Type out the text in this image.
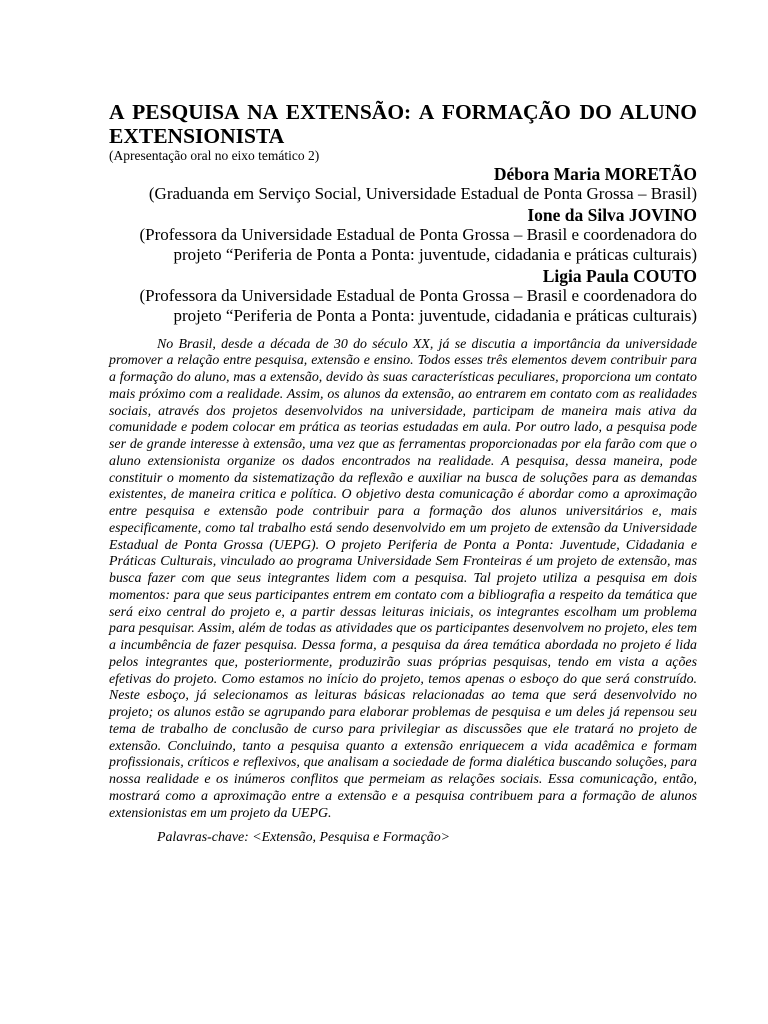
A PESQUISA NA EXTENSÃO: A FORMAÇÃO DO ALUNO EXTENSIONISTA

(Apresentação oral no eixo temático 2)

Débora Maria MORETÃO

(Graduanda em Serviço Social, Universidade Estadual de Ponta Grossa – Brasil)

Ione da Silva JOVINO

(Professora da Universidade Estadual de Ponta Grossa – Brasil e coordenadora do projeto “Periferia de Ponta a Ponta: juventude, cidadania e práticas culturais)

Ligia Paula COUTO

(Professora da Universidade Estadual de Ponta Grossa – Brasil e coordenadora do projeto “Periferia de Ponta a Ponta: juventude, cidadania e práticas culturais)

No Brasil, desde a década de 30 do século XX, já se discutia a importância da universidade promover a relação entre pesquisa, extensão e ensino. Todos esses três elementos devem contribuir para a formação do aluno, mas a extensão, devido às suas características peculiares, proporciona um contato mais próximo com a realidade. Assim, os alunos da extensão, ao entrarem em contato com as realidades sociais, através dos projetos desenvolvidos na universidade, participam de maneira mais ativa da comunidade e podem colocar em prática as teorias estudadas em aula. Por outro lado, a pesquisa pode ser de grande interesse à extensão, uma vez que as ferramentas proporcionadas por ela farão com que o aluno extensionista organize os dados encontrados na realidade. A pesquisa, dessa maneira, pode constituir o momento da sistematização da reflexão e auxiliar na busca de soluções para as demandas existentes, de maneira critica e política. O objetivo desta comunicação é abordar como a aproximação entre pesquisa e extensão pode contribuir para a formação dos alunos universitários e, mais especificamente, como tal trabalho está sendo desenvolvido em um projeto de extensão da Universidade Estadual de Ponta Grossa (UEPG). O projeto Periferia de Ponta a Ponta: Juventude, Cidadania e Práticas Culturais, vinculado ao programa Universidade Sem Fronteiras é um projeto de extensão, mas busca fazer com que seus integrantes lidem com a pesquisa. Tal projeto utiliza a pesquisa em dois momentos: para que seus participantes entrem em contato com a bibliografia a respeito da temática que será eixo central do projeto e, a partir dessas leituras iniciais, os integrantes escolham um problema para pesquisar. Assim, além de todas as atividades que os participantes desenvolvem no projeto, eles tem a incumbência de fazer pesquisa. Dessa forma, a pesquisa da área temática abordada no projeto é lida pelos integrantes que, posteriormente, produzirão suas próprias pesquisas, tendo em vista a ações efetivas do projeto. Como estamos no início do projeto, temos apenas o esboço do que será construído. Neste esboço, já selecionamos as leituras básicas relacionadas ao tema que será desenvolvido no projeto; os alunos estão se agrupando para elaborar problemas de pesquisa e um deles já repensou seu tema de trabalho de conclusão de curso para privilegiar as discussões que ele tratará no projeto de extensão. Concluindo, tanto a pesquisa quanto a extensão enriquecem a vida acadêmica e formam profissionais, críticos e reflexivos, que analisam a sociedade de forma dialética buscando soluções, para nossa realidade e os inúmeros conflitos que permeiam as relações sociais. Essa comunicação, então, mostrará como a aproximação entre a extensão e a pesquisa contribuem para a formação de alunos extensionistas em um projeto da UEPG.

Palavras-chave: <Extensão, Pesquisa e Formação>
